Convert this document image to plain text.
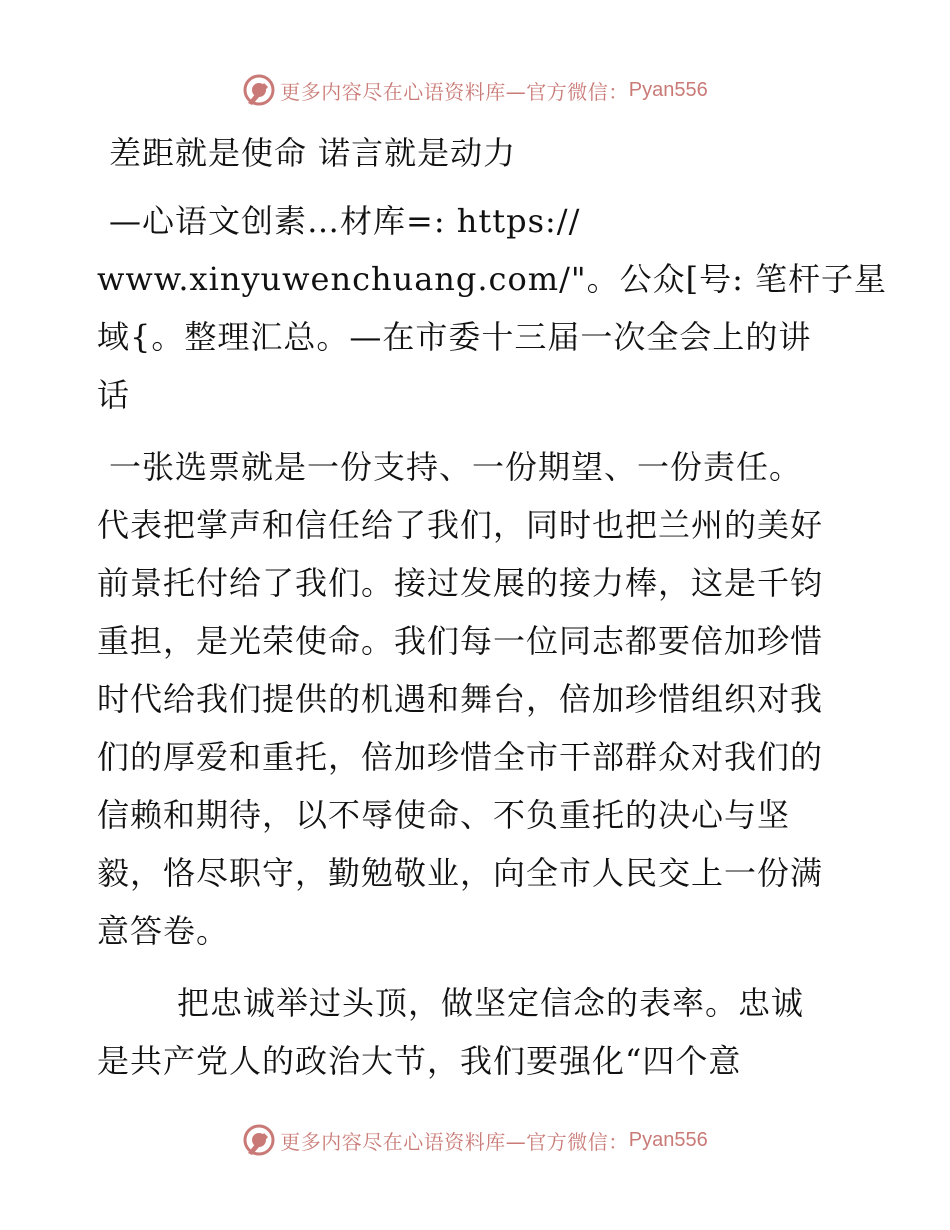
更多内容尽在心语资料库—官方微信： Pyan556
差距就是使命 诺言就是动力
—心语文创素…材库=: https://
www.xinyuwenchuang.com/"。公众[号: 笔杆子星
域{。整理汇总。—在市委十三届一次全会上的讲
话
一张选票就是一份支持、一份期望、一份责任。
代表把掌声和信任给了我们，同时也把兰州的美好
前景托付给了我们。接过发展的接力棒，这是千钧
重担，是光荣使命。我们每一位同志都要倍加珍惜
时代给我们提供的机遇和舞台，倍加珍惜组织对我
们的厚爱和重托，倍加珍惜全市干部群众对我们的
信赖和期待，以不辱使命、不负重托的决心与坚
毅，恪尽职守，勤勉敬业，向全市人民交上一份满
意答卷。
把忠诚举过头顶，做坚定信念的表率。忠诚
是共产党人的政治大节，我们要强化“四个意
更多内容尽在心语资料库—官方微信： Pyan556
